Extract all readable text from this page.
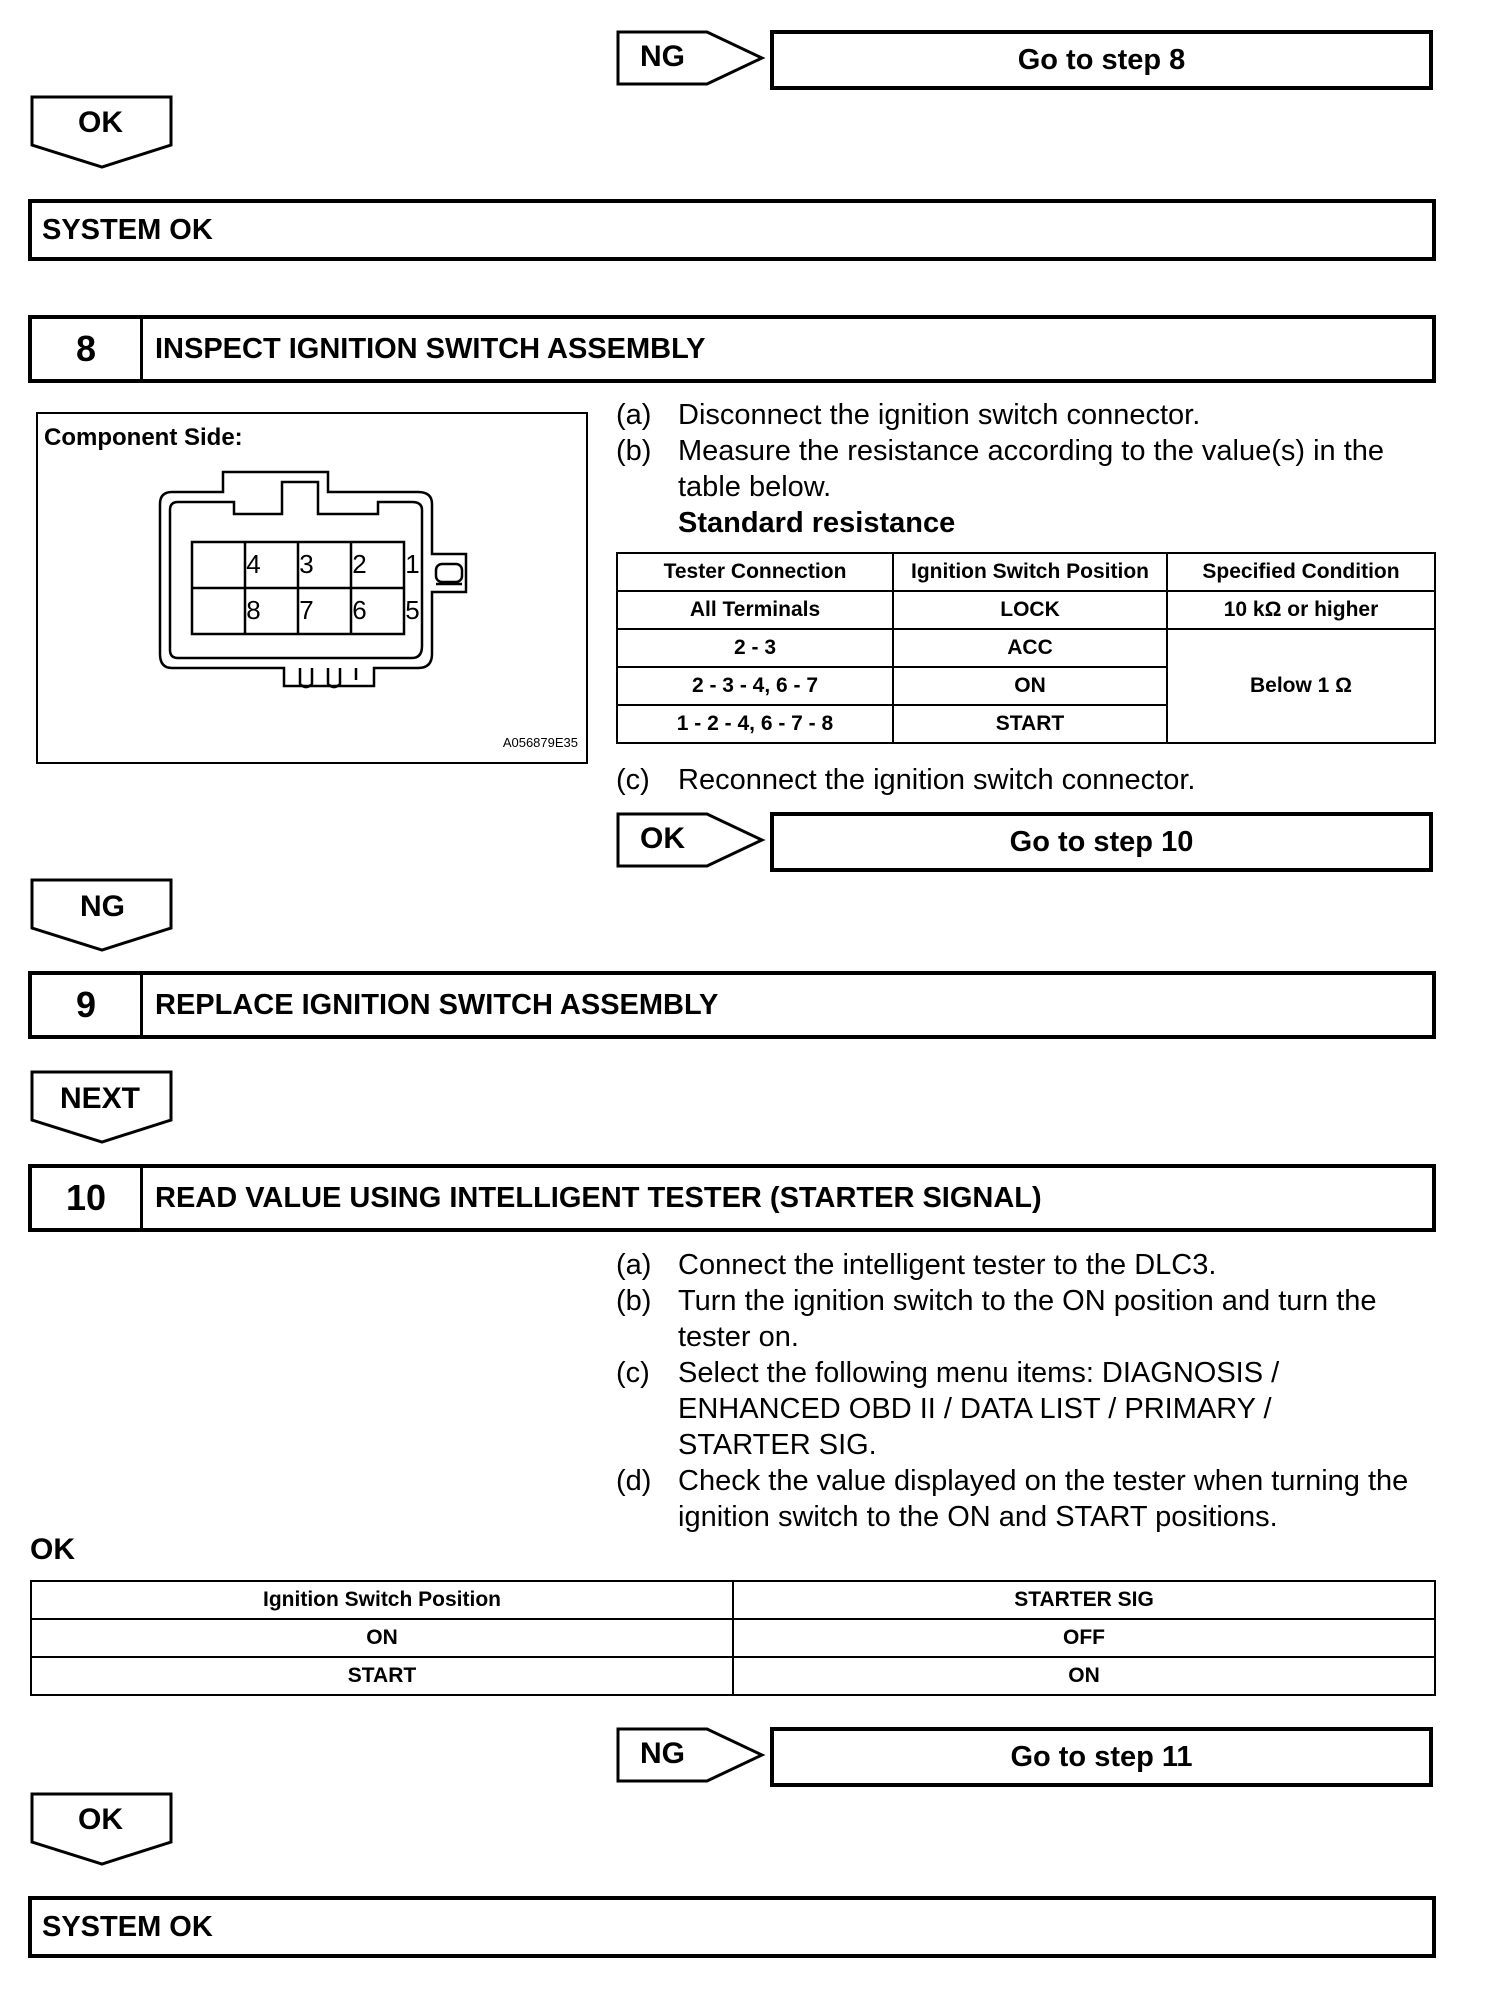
NG	Go to step 8
OK
SYSTEM OK
8	INSPECT IGNITION SWITCH ASSEMBLY
Component Side:
4	3	2	1
8	7	6	5
A056879E35
(a) Disconnect the ignition switch connector.
(b) Measure the resistance according to the value(s) in the
table below.
Standard resistance
Tester Connection	Ignition Switch Position	Specified Condition
All Terminals	LOCK	10 kΩ or higher
2 - 3	ACC	Below 1 Ω
2 - 3 - 4, 6 - 7	ON	
1 - 2 - 4, 6 - 7 - 8	START	
(c) Reconnect the ignition switch connector.
OK	Go to step 10
NG
9	REPLACE IGNITION SWITCH ASSEMBLY
NEXT
10	READ VALUE USING INTELLIGENT TESTER (STARTER SIGNAL)
(a) Connect the intelligent tester to the DLC3.
(b) Turn the ignition switch to the ON position and turn the
tester on.
(c) Select the following menu items: DIAGNOSIS /
ENHANCED OBD II / DATA LIST / PRIMARY /
STARTER SIG.
(d) Check the value displayed on the tester when turning the
ignition switch to the ON and START positions.
OK
Ignition Switch Position	STARTER SIG
ON	OFF
START	ON
NG	Go to step 11
OK
SYSTEM OK
